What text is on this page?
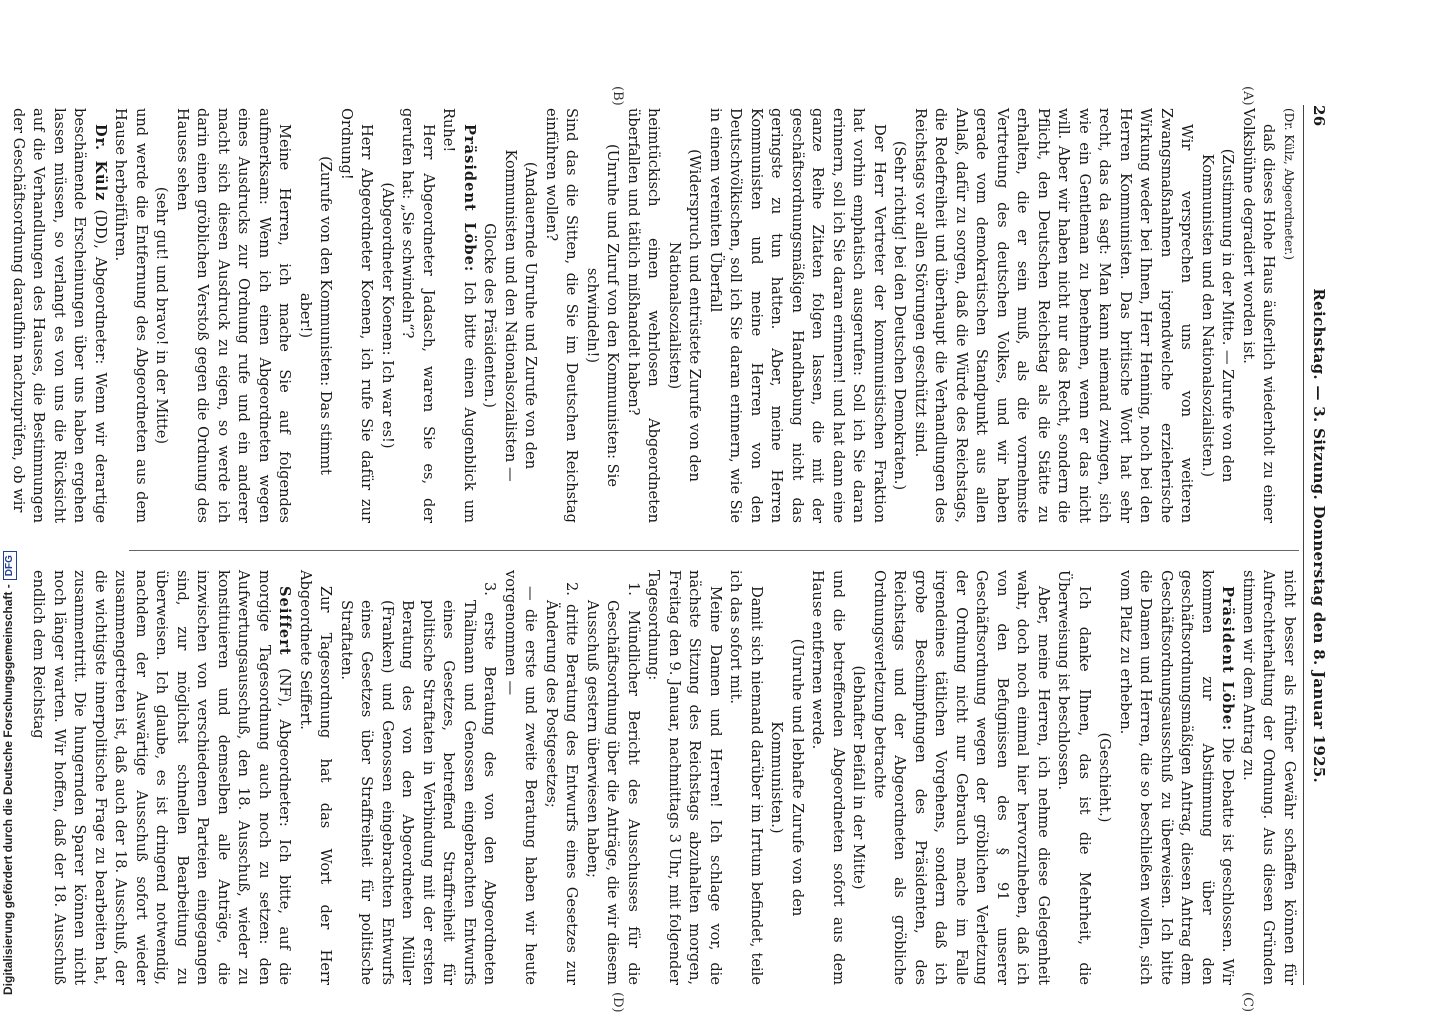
Digitalisierung gefördert durch die Deutsche Forschungsgemeinschaft -DFG
26
Reichstag. — 3. Sitzung. Donnerstag den 8. Januar 1925.
(A)
(B)
(C)
(D)

(Dr. Külz, Abgeordneter.)

daß dieses Hohe Haus äußerlich wiederholt zu einer Volksbühne degradiert worden ist.

(Zustimmung in der Mitte. — Zurufe von den Kommunisten und den Nationalsozialisten.)

Wir versprechen uns von weiteren Zwangsmaßnahmen irgendwelche erzieherische Wirkung weder bei Ihnen, Herr Henning, noch bei den Herren Kommunisten. Das britische Wort hat sehr recht, das da sagt: Man kann niemand zwingen, sich wie ein Gentleman zu benehmen, wenn er das nicht will. Aber wir haben nicht nur das Recht, sondern die Pflicht, den Deutschen Reichstag als die Stätte zu erhalten, die er sein muß, als die vornehmste Vertretung des deutschen Volkes, und wir haben gerade vom demokratischen Standpunkt aus allen Anlaß, dafür zu sorgen, daß die Würde des Reichstags, die Redefreiheit und überhaupt die Verhandlungen des Reichstags vor allen Störungen geschützt sind.

(Sehr richtig! bei den Deutschen Demokraten.)

Der Herr Vertreter der kommunistischen Fraktion hat vorhin emphatisch ausgerufen: Soll ich Sie daran erinnern, soll ich Sie daran erinnern! und hat dann eine ganze Reihe Zitaten folgen lassen, die mit der geschäftsordnungsmäßigen Handhabung nicht das geringste zu tun hatten. Aber, meine Herren Kommunisten und meine Herren von den Deutschvölkischen, soll ich Sie daran erinnern, wie Sie in einem vereinten Überfall

(Widerspruch und entrüstete Zurufe von den Nationalsozialisten)

heimtückisch einen wehrlosen Abgeordneten überfallen und tätlich mißhandelt haben?

(Unruhe und Zuruf von den Kommunisten: Sie schwindeln!)

Sind das die Sitten, die Sie im Deutschen Reichstag einführen wollen?

(Andauernde Unruhe und Zurufe von den Kommunisten und den Nationalsozialisten — Glocke des Präsidenten.)

Präsident Löbe: Ich bitte einen Augenblick um Ruhe!

Herr Abgeordneter Jadasch, waren Sie es, der gerufen hat: „Sie schwindeln“?

(Abgeordneter Koenen: Ich war es!)

Herr Abgeordneter Koenen, ich rufe Sie dafür zur Ordnung!

(Zurufe von den Kommunisten: Das stimmt aber!)

Meine Herren, ich mache Sie auf folgendes aufmerksam: Wenn ich einen Abgeordneten wegen eines Ausdrucks zur Ordnung rufe und ein anderer macht sich diesen Ausdruck zu eigen, so werde ich darin einen gröblichen Verstoß gegen die Ordnung des Hauses sehen

(sehr gut! und bravo! in der Mitte)

und werde die Entfernung des Abgeordneten aus dem Hause herbeiführen.

Dr. Külz (DD), Abgeordneter: Wenn wir derartige beschämende Erscheinungen über uns haben ergehen lassen müssen, so verlangt es von uns die Rücksicht auf die Verhandlungen des Hauses, die Bestimmungen der Geschäftsordnung daraufhin nachzuprüfen, ob wir

nicht besser als früher Gewähr schaffen können für Aufrechterhaltung der Ordnung. Aus diesen Gründen stimmen wir dem Antrag zu.

Präsident Löbe: Die Debatte ist geschlossen. Wir kommen zur Abstimmung über den geschäftsordnungsmäßigen Antrag, diesen Antrag dem Geschäftsordnungsausschuß zu überweisen. Ich bitte die Damen und Herren, die so beschließen wollen, sich vom Platz zu erheben.

(Geschieht.)

Ich danke Ihnen, das ist die Mehrheit, die Überweisung ist beschlossen.

Aber, meine Herren, ich nehme diese Gelegenheit wahr, doch noch einmal hier hervorzuheben, daß ich von den Befugnissen des § 91 unserer Geschäftsordnung wegen der gröblichen Verletzung der Ordnung nicht nur Gebrauch mache im Falle irgendeines tätlichen Vorgehens, sondern daß ich grobe Beschimpfungen des Präsidenten, des Reichstags und der Abgeordneten als gröbliche Ordnungsverletzung betrachte

(lebhafter Beifall in der Mitte)

und die betreffenden Abgeordneten sofort aus dem Hause entfernen werde.

(Unruhe und lebhafte Zurufe von den Kommunisten.)

Damit sich niemand darüber im Irrtum befindet, teile ich das sofort mit.

Meine Damen und Herren! Ich schlage vor, die nächste Sitzung des Reichstags abzuhalten morgen, Freitag den 9. Januar, nachmittags 3 Uhr, mit folgender Tagesordnung:

1. Mündlicher Bericht des Ausschusses für die Geschäftsordnung über die Anträge, die wir diesem Ausschuß gestern überwiesen haben;

2. dritte Beratung des Entwurfs eines Gesetzes zur Änderung des Postgesetzes;

— die erste und zweite Beratung haben wir heute vorgenommen —

3. erste Beratung des von den Abgeordneten Thälmann und Genossen eingebrachten Entwurfs eines Gesetzes, betreffend Straffreiheit für politische Straftaten in Verbindung mit der ersten Beratung des von den Abgeordneten Müller (Franken) und Genossen eingebrachten Entwurfs eines Gesetzes über Straffreiheit für politische Straftaten.

Zur Tagesordnung hat das Wort der Herr Abgeordnete Seiffert.

Seiffert (NF), Abgeordneter: Ich bitte, auf die morgige Tagesordnung auch noch zu setzen: den Aufwertungsausschuß, den 18. Ausschuß, wieder zu konstituieren und demselben alle Anträge, die inzwischen von verschiedenen Parteien eingegangen sind, zur möglichst schnellen Bearbeitung zu überweisen. Ich glaube, es ist dringend notwendig, nachdem der Auswärtige Ausschuß sofort wieder zusammengetreten ist, daß auch der 18. Ausschuß, der die wichtigste innerpolitische Frage zu bearbeiten hat, zusammentritt. Die hungernden Sparer können nicht noch länger warten. Wir hoffen, daß der 18. Ausschuß endlich dem Reichstag
